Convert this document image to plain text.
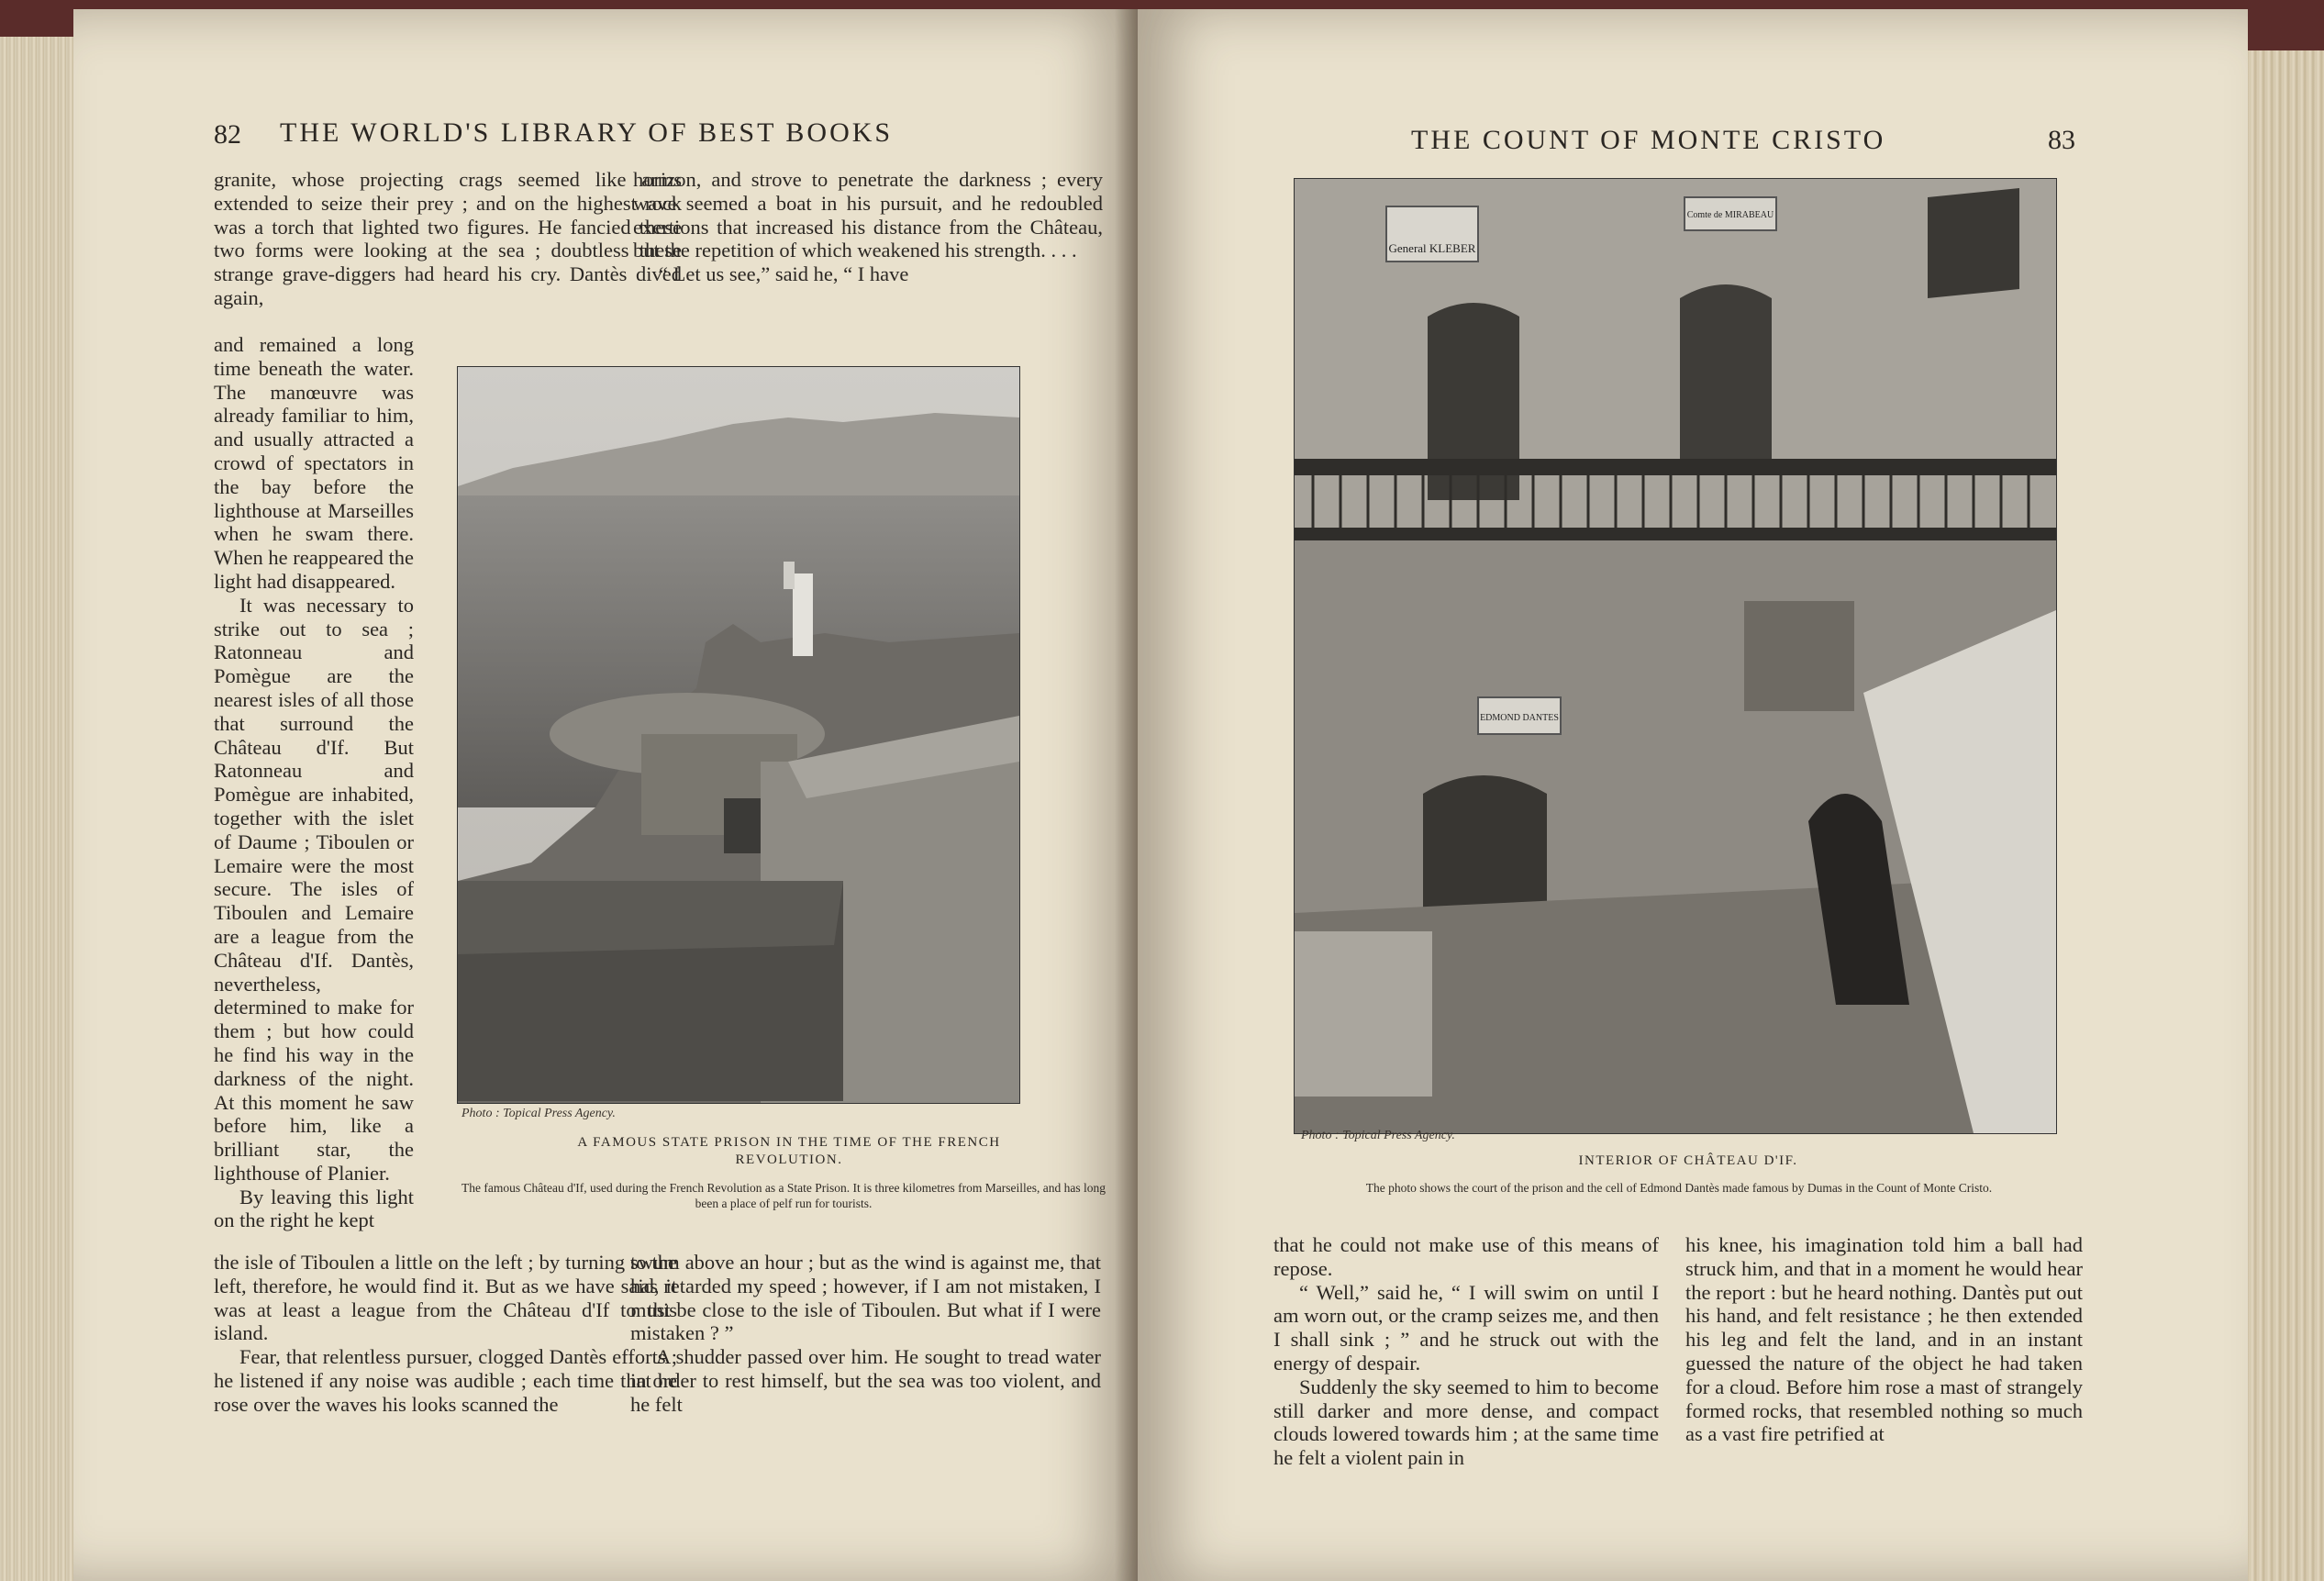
82 THE WORLD'S LIBRARY OF BEST BOOKS

granite, whose projecting crags seemed like arms extended to seize their prey ; and on the highest rock was a torch that lighted two figures. He fancied these two forms were looking at the sea ; doubtless these strange grave-diggers had heard his cry. Dantès dived again,

and remained a long time beneath the water. The manœuvre was already familiar to him, and usually attracted a crowd of spectators in the bay before the lighthouse at Marseilles when he swam there. When he reappeared the light had disappeared.

It was necessary to strike out to sea ; Ratonneau and Pomègue are the nearest isles of all those that surround the Château d'If. But Ratonneau and Pomègue are inhabited, together with the islet of Daume ; Tiboulen or Lemaire were the most secure. The isles of Tiboulen and Lemaire are a league from the Château d'If. Dantès, nevertheless, determined to make for them ; but how could he find his way in the darkness of the night. At this moment he saw before him, like a brilliant star, the lighthouse of Planier.

By leaving this light on the right he kept

the isle of Tiboulen a little on the left ; by turning to the left, therefore, he would find it. But as we have said, it was at least a league from the Château d'If to this island.

Fear, that relentless pursuer, clogged Dantès efforts ; he listened if any noise was audible ; each time that he rose over the waves his looks scanned the

horizon, and strove to penetrate the darkness ; every wave seemed a boat in his pursuit, and he redoubled exertions that increased his distance from the Château, but the repetition of which weakened his strength. . . .

“ Let us see,” said he, “ I have

swum above an hour ; but as the wind is against me, that has retarded my speed ; however, if I am not mistaken, I must be close to the isle of Tiboulen. But what if I were mistaken ? ”

A shudder passed over him. He sought to tread water in order to rest himself, but the sea was too violent, and he felt

Photo : Topical Press Agency.
A FAMOUS STATE PRISON IN THE TIME OF THE FRENCH REVOLUTION.
The famous Château d'If, used during the French Revolution as a State Prison. It is three kilometres from Marseilles, and has long been a place of pelf run for tourists.
THE COUNT OF MONTE CRISTO	83
General KLEBER
Comte de MIRABEAU
EDMOND DANTES
Photo : Topical Press Agency.
INTERIOR OF CHÂTEAU D'IF.
The photo shows the court of the prison and the cell of Edmond Dantès made famous by Dumas in the Count of Monte Cristo.

that he could not make use of this means of repose.

“ Well,” said he, “ I will swim on until I am worn out, or the cramp seizes me, and then I shall sink ; ” and he struck out with the energy of despair.

Suddenly the sky seemed to him to become still darker and more dense, and compact clouds lowered towards him ; at the same time he felt a violent pain in

his knee, his imagination told him a ball had struck him, and that in a moment he would hear the report : but he heard nothing. Dantès put out his hand, and felt resistance ; he then extended his leg and felt the land, and in an instant guessed the nature of the object he had taken for a cloud. Before him rose a mast of strangely formed rocks, that resembled nothing so much as a vast fire petrified at
